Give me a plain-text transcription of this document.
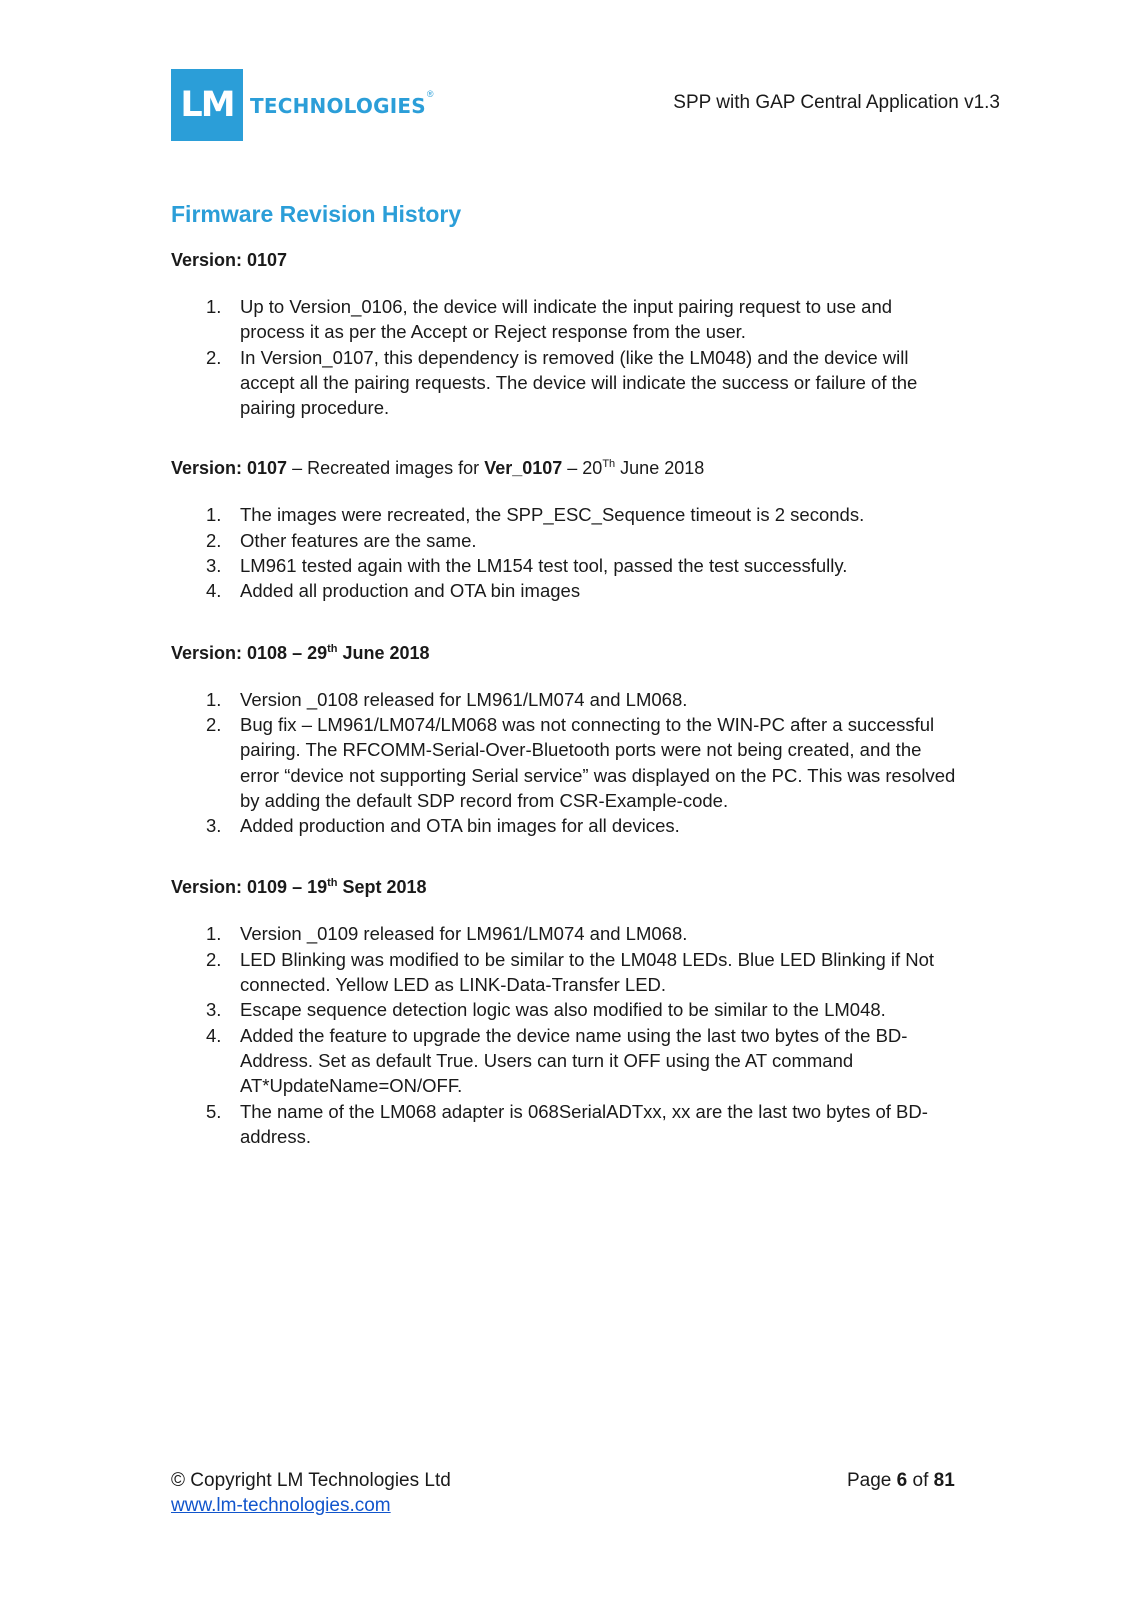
LM TECHNOLOGIES ®	SPP with GAP Central Application v1.3
Firmware Revision History

Version: 0107

1. Up to Version_0106, the device will indicate the input pairing request to use and process it as per the Accept or Reject response from the user.
2. In Version_0107, this dependency is removed (like the LM048) and the device will accept all the pairing requests. The device will indicate the success or failure of the pairing procedure.

Version: 0107 – Recreated images for Ver_0107 – 20Th June 2018

1. The images were recreated, the SPP_ESC_Sequence timeout is 2 seconds.
2. Other features are the same.
3. LM961 tested again with the LM154 test tool, passed the test successfully.
4. Added all production and OTA bin images

Version: 0108 – 29th June 2018

1. Version _0108 released for LM961/LM074 and LM068.
2. Bug fix – LM961/LM074/LM068 was not connecting to the WIN-PC after a successful pairing. The RFCOMM-Serial-Over-Bluetooth ports were not being created, and the error “device not supporting Serial service” was displayed on the PC. This was resolved by adding the default SDP record from CSR-Example-code.
3. Added production and OTA bin images for all devices.

Version: 0109 – 19th Sept 2018

1. Version _0109 released for LM961/LM074 and LM068.
2. LED Blinking was modified to be similar to the LM048 LEDs. Blue LED Blinking if Not connected. Yellow LED as LINK-Data-Transfer LED.
3. Escape sequence detection logic was also modified to be similar to the LM048.
4. Added the feature to upgrade the device name using the last two bytes of the BD-Address. Set as default True. Users can turn it OFF using the AT command AT*UpdateName=ON/OFF.
5. The name of the LM068 adapter is 068SerialADTxx, xx are the last two bytes of BD-address.
© Copyright LM Technologies Ltd
www.lm-technologies.com
Page 6 of 81
